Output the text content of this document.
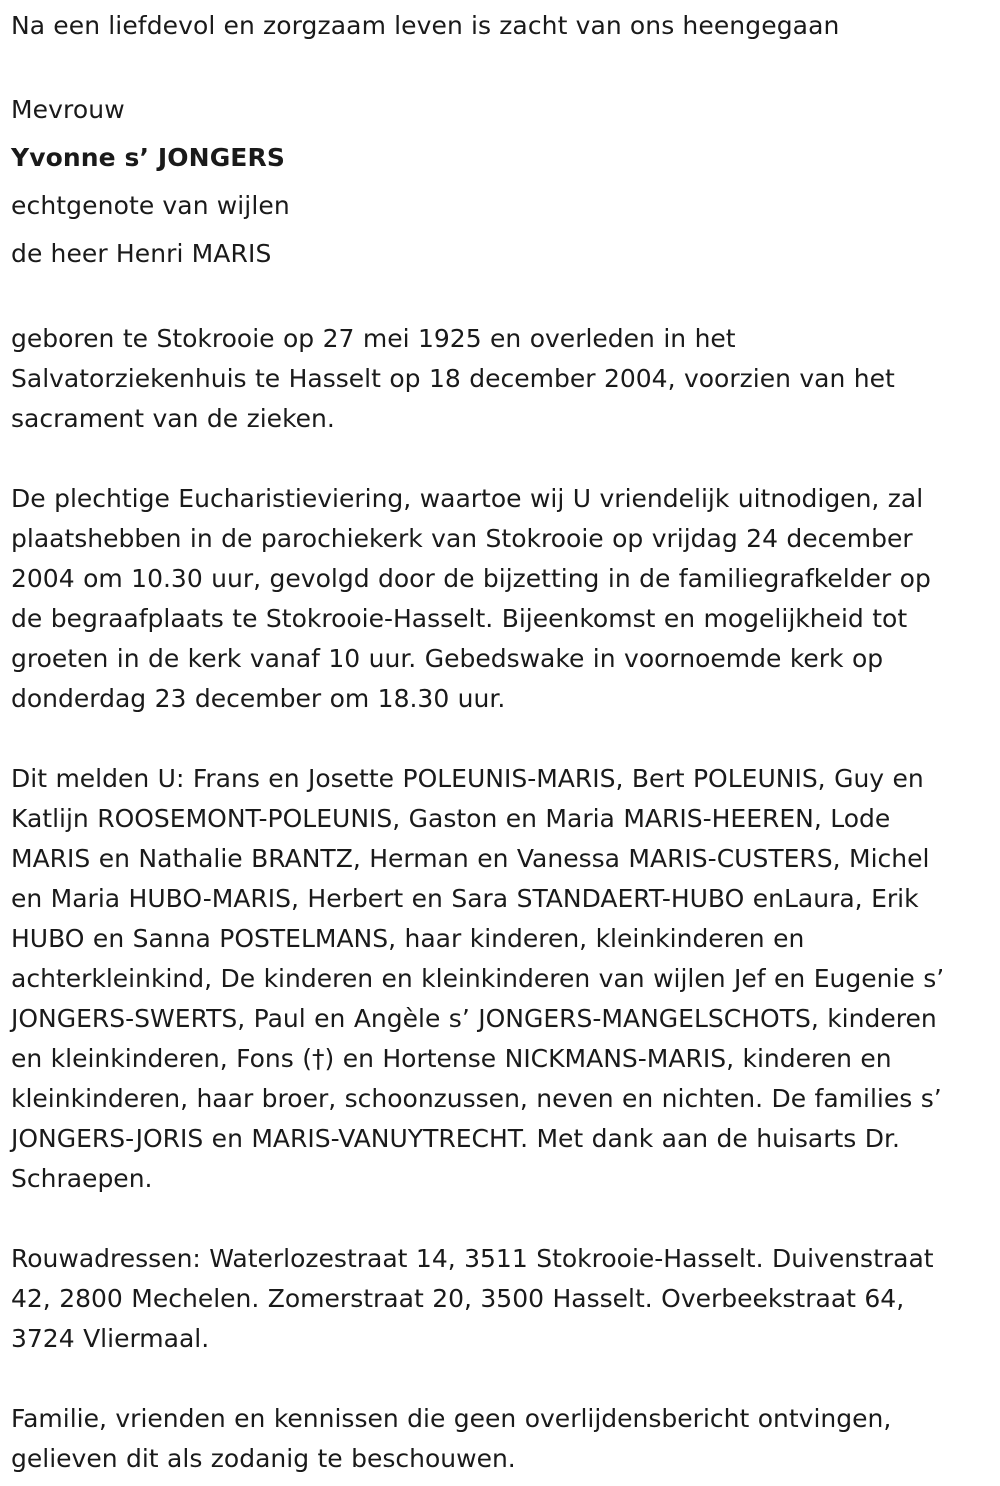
Na een liefdevol en zorgzaam leven is zacht van ons heengegaan

Mevrouw

Yvonne s’ JONGERS

echtgenote van wijlen

de heer Henri MARIS

geboren te Stokrooie op 27 mei 1925 en overleden in het
Salvatorziekenhuis te Hasselt op 18 december 2004, voorzien van het
sacrament van de zieken.
De plechtige Eucharistieviering, waartoe wij U vriendelijk uitnodigen, zal
plaatshebben in de parochiekerk van Stokrooie op vrijdag 24 december
2004 om 10.30 uur, gevolgd door de bijzetting in de familiegrafkelder op
de begraafplaats te Stokrooie-Hasselt. Bijeenkomst en mogelijkheid tot
groeten in de kerk vanaf 10 uur. Gebedswake in voornoemde kerk op
donderdag 23 december om 18.30 uur.
Dit melden U: Frans en Josette POLEUNIS-MARIS, Bert POLEUNIS, Guy en
Katlijn ROOSEMONT-POLEUNIS, Gaston en Maria MARIS-HEEREN, Lode
MARIS en Nathalie BRANTZ, Herman en Vanessa MARIS-CUSTERS, Michel
en Maria HUBO-MARIS, Herbert en Sara STANDAERT-HUBO enLaura, Erik
HUBO en Sanna POSTELMANS, haar kinderen, kleinkinderen en
achterkleinkind, De kinderen en kleinkinderen van wijlen Jef en Eugenie s’
JONGERS-SWERTS, Paul en Angèle s’ JONGERS-MANGELSCHOTS, kinderen
en kleinkinderen, Fons (†) en Hortense NICKMANS-MARIS, kinderen en
kleinkinderen, haar broer, schoonzussen, neven en nichten. De families s’
JONGERS-JORIS en MARIS-VANUYTRECHT. Met dank aan de huisarts Dr.
Schraepen.
Rouwadressen: Waterlozestraat 14, 3511 Stokrooie-Hasselt. Duivenstraat
42, 2800 Mechelen. Zomerstraat 20, 3500 Hasselt. Overbeekstraat 64,
3724 Vliermaal.
Familie, vrienden en kennissen die geen overlijdensbericht ontvingen,
gelieven dit als zodanig te beschouwen.
